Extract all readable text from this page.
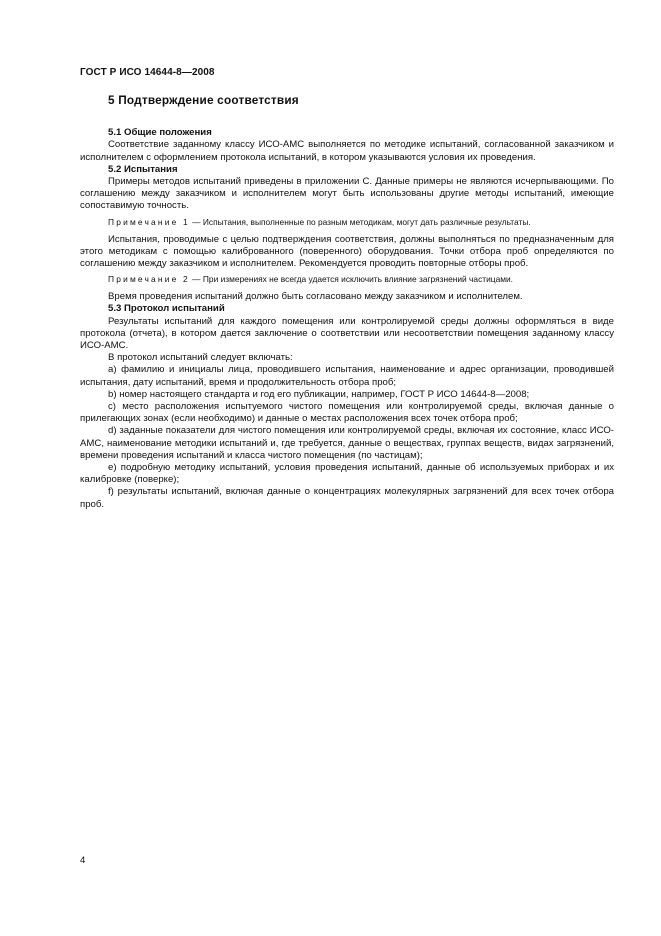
ГОСТ Р ИСО 14644-8—2008

5 Подтверждение соответствия

5.1 Общие положения

Соответствие заданному классу ИСО-АМС выполняется по методике испытаний, согласованной заказчиком и исполнителем с оформлением протокола испытаний, в котором указываются условия их проведения.

5.2 Испытания

Примеры методов испытаний приведены в приложении С. Данные примеры не являются исчерпывающими. По соглашению между заказчиком и исполнителем могут быть использованы другие методы испытаний, имеющие сопоставимую точность.

Примечание 1 — Испытания, выполненные по разным методикам, могут дать различные результаты.

Испытания, проводимые с целью подтверждения соответствия, должны выполняться по предназначенным для этого методикам с помощью калиброванного (поверенного) оборудования. Точки отбора проб определяются по соглашению между заказчиком и исполнителем. Рекомендуется проводить повторные отборы проб.

Примечание 2 — При измерениях не всегда удается исключить влияние загрязнений частицами.

Время проведения испытаний должно быть согласовано между заказчиком и исполнителем.

5.3 Протокол испытаний

Результаты испытаний для каждого помещения или контролируемой среды должны оформляться в виде протокола (отчета), в котором дается заключение о соответствии или несоответствии помещения заданному классу ИСО-АМС.

В протокол испытаний следует включать:

a) фамилию и инициалы лица, проводившего испытания, наименование и адрес организации, проводившей испытания, дату испытаний, время и продолжительность отбора проб;

b) номер настоящего стандарта и год его публикации, например, ГОСТ Р ИСО 14644-8—2008;

c) место расположения испытуемого чистого помещения или контролируемой среды, включая данные о прилегающих зонах (если необходимо) и данные о местах расположения всех точек отбора проб;

d) заданные показатели для чистого помещения или контролируемой среды, включая их состояние, класс ИСО-АМС, наименование методики испытаний и, где требуется, данные о веществах, группах веществ, видах загрязнений, времени проведения испытаний и класса чистого помещения (по частицам);

e) подробную методику испытаний, условия проведения испытаний, данные об используемых приборах и их калибровке (поверке);

f) результаты испытаний, включая данные о концентрациях молекулярных загрязнений для всех точек отбора проб.

4
